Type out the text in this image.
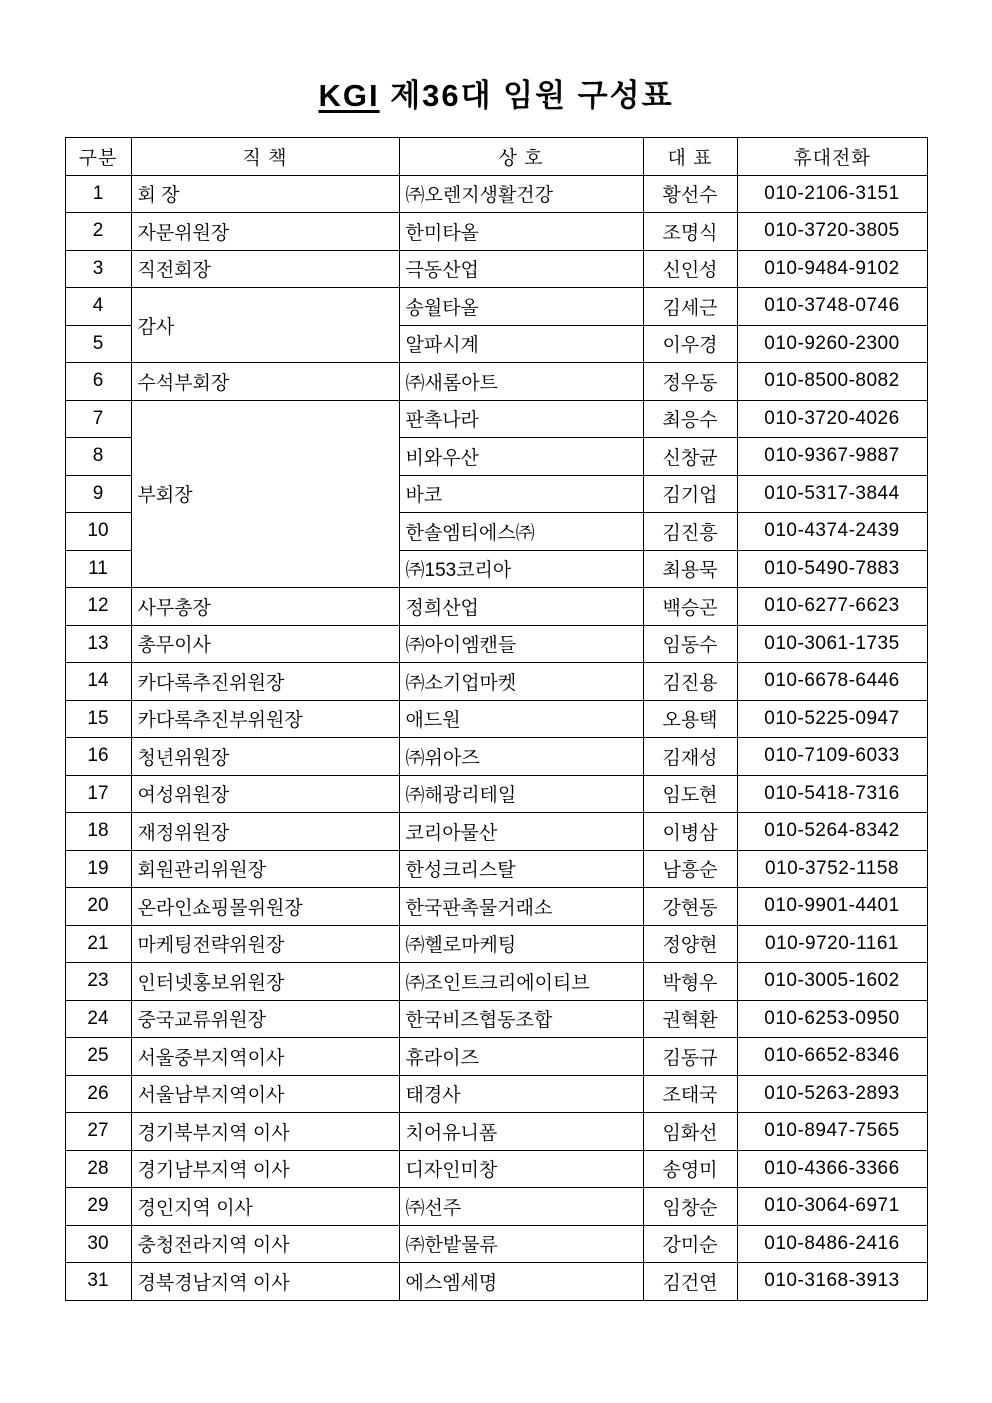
KGI 제36대 임원 구성표
구분	직 책	상 호	대 표	휴대전화
1	회 장	㈜오렌지생활건강	황선수	010-2106-3151
2	자문위원장	한미타올	조명식	010-3720-3805
3	직전회장	극동산업	신인성	010-9484-9102
4	감사	송월타올	김세근	010-3748-0746
5		알파시계	이우경	010-9260-2300
6	수석부회장	㈜새롬아트	정우동	010-8500-8082
7	부회장	판촉나라	최응수	010-3720-4026
8		비와우산	신창균	010-9367-9887
9		바코	김기업	010-5317-3844
10		한솔엠티에스㈜	김진흥	010-4374-2439
11		㈜153코리아	최용묵	010-5490-7883
12	사무총장	정희산업	백승곤	010-6277-6623
13	총무이사	㈜아이엠캔들	임동수	010-3061-1735
14	카다록추진위원장	㈜소기업마켓	김진용	010-6678-6446
15	카다록추진부위원장	애드원	오용택	010-5225-0947
16	청년위원장	㈜위아즈	김재성	010-7109-6033
17	여성위원장	㈜해광리테일	임도현	010-5418-7316
18	재정위원장	코리아물산	이병삼	010-5264-8342
19	회원관리위원장	한성크리스탈	남흥순	010-3752-1158
20	온라인쇼핑몰위원장	한국판촉물거래소	강현동	010-9901-4401
21	마케팅전략위원장	㈜헬로마케팅	정양현	010-9720-1161
23	인터넷홍보위원장	㈜조인트크리에이티브	박형우	010-3005-1602
24	중국교류위원장	한국비즈협동조합	권혁환	010-6253-0950
25	서울중부지역이사	휴라이즈	김동규	010-6652-8346
26	서울남부지역이사	태경사	조태국	010-5263-2893
27	경기북부지역 이사	치어유니폼	임화선	010-8947-7565
28	경기남부지역 이사	디자인미창	송영미	010-4366-3366
29	경인지역 이사	㈜선주	임창순	010-3064-6971
30	충청전라지역 이사	㈜한밭물류	강미순	010-8486-2416
31	경북경남지역 이사	에스엠세명	김건연	010-3168-3913
